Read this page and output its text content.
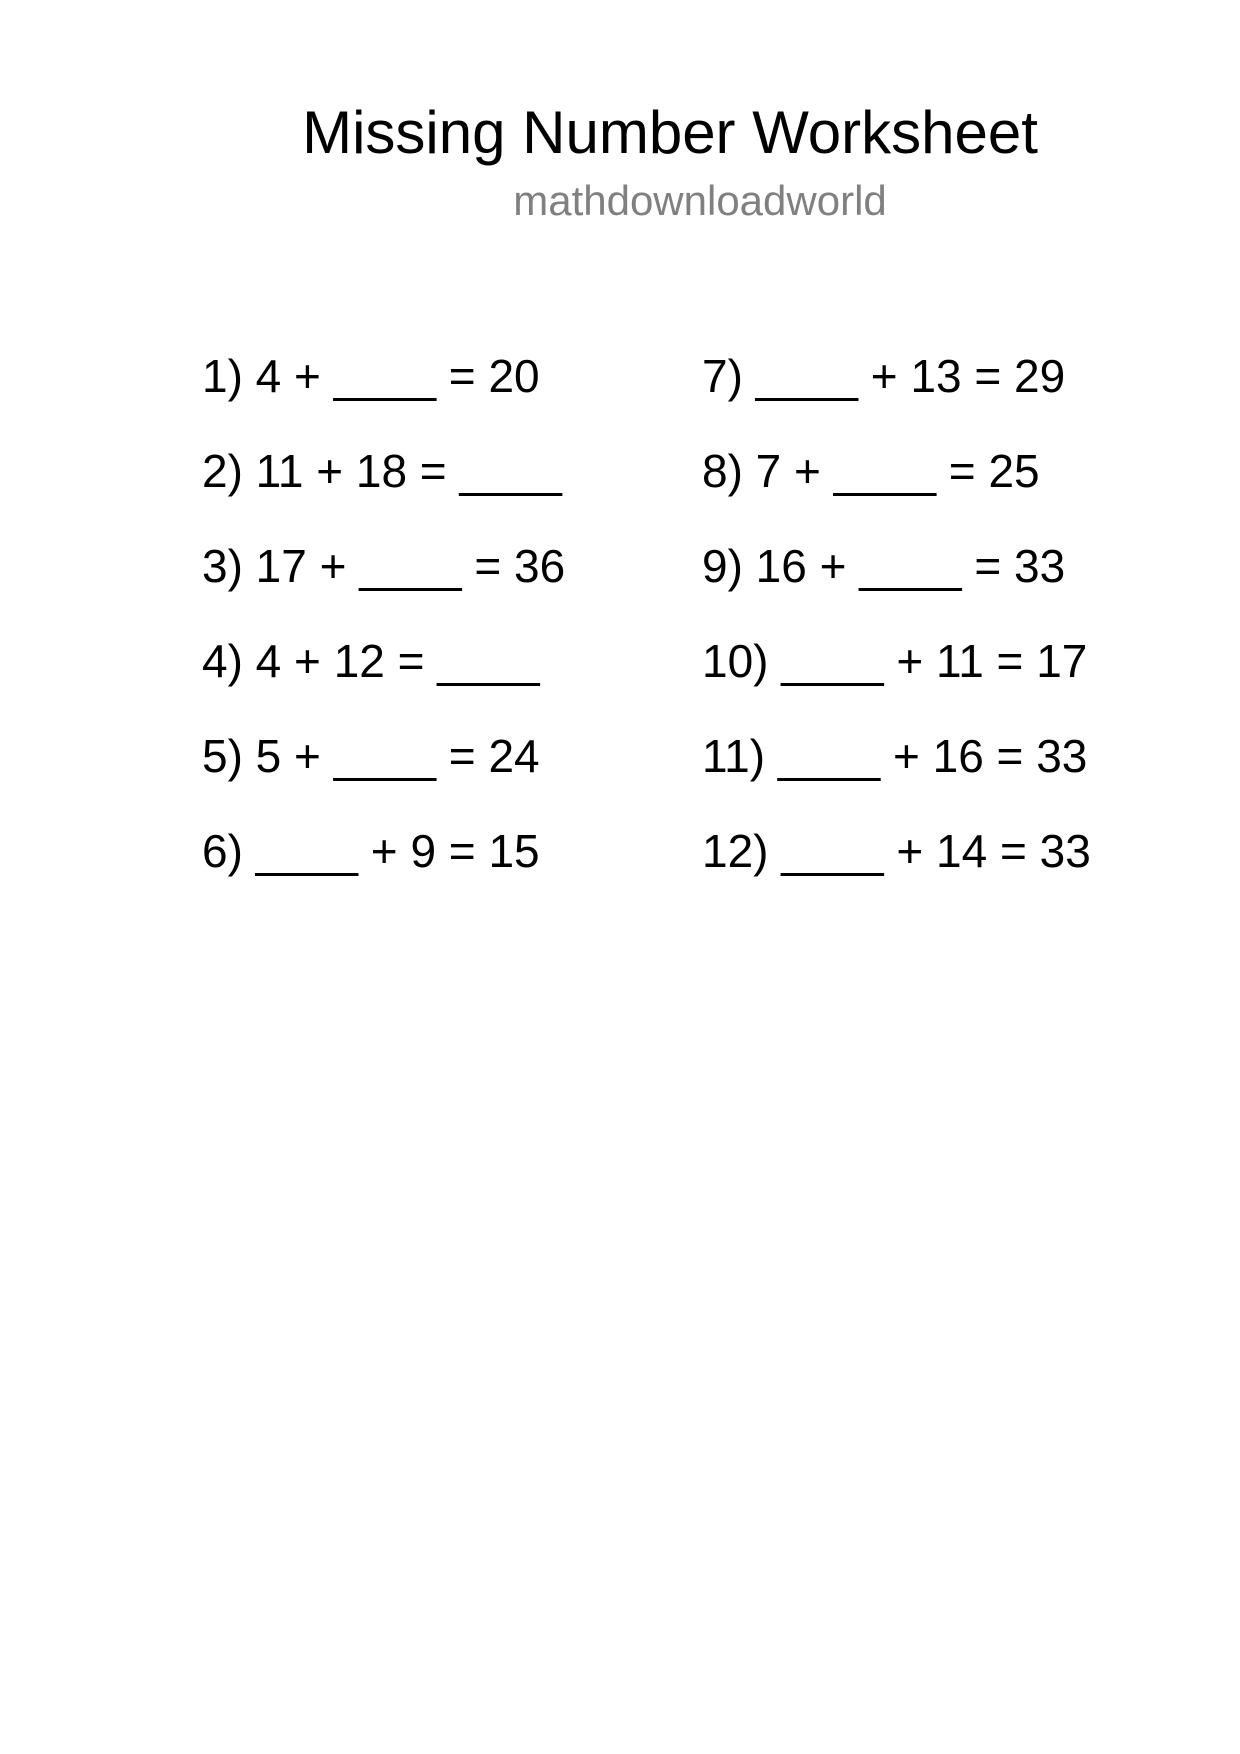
Missing Number Worksheet
mathdownloadworld
1) 4 + ____ = 20
2) 11 + 18 = ____
3) 17 + ____ = 36
4) 4 + 12 = ____
5) 5 + ____ = 24
6) ____ + 9 = 15
7) ____ + 13 = 29
8) 7 + ____ = 25
9) 16 + ____ = 33
10) ____ + 11 = 17
11) ____ + 16 = 33
12) ____ + 14 = 33
